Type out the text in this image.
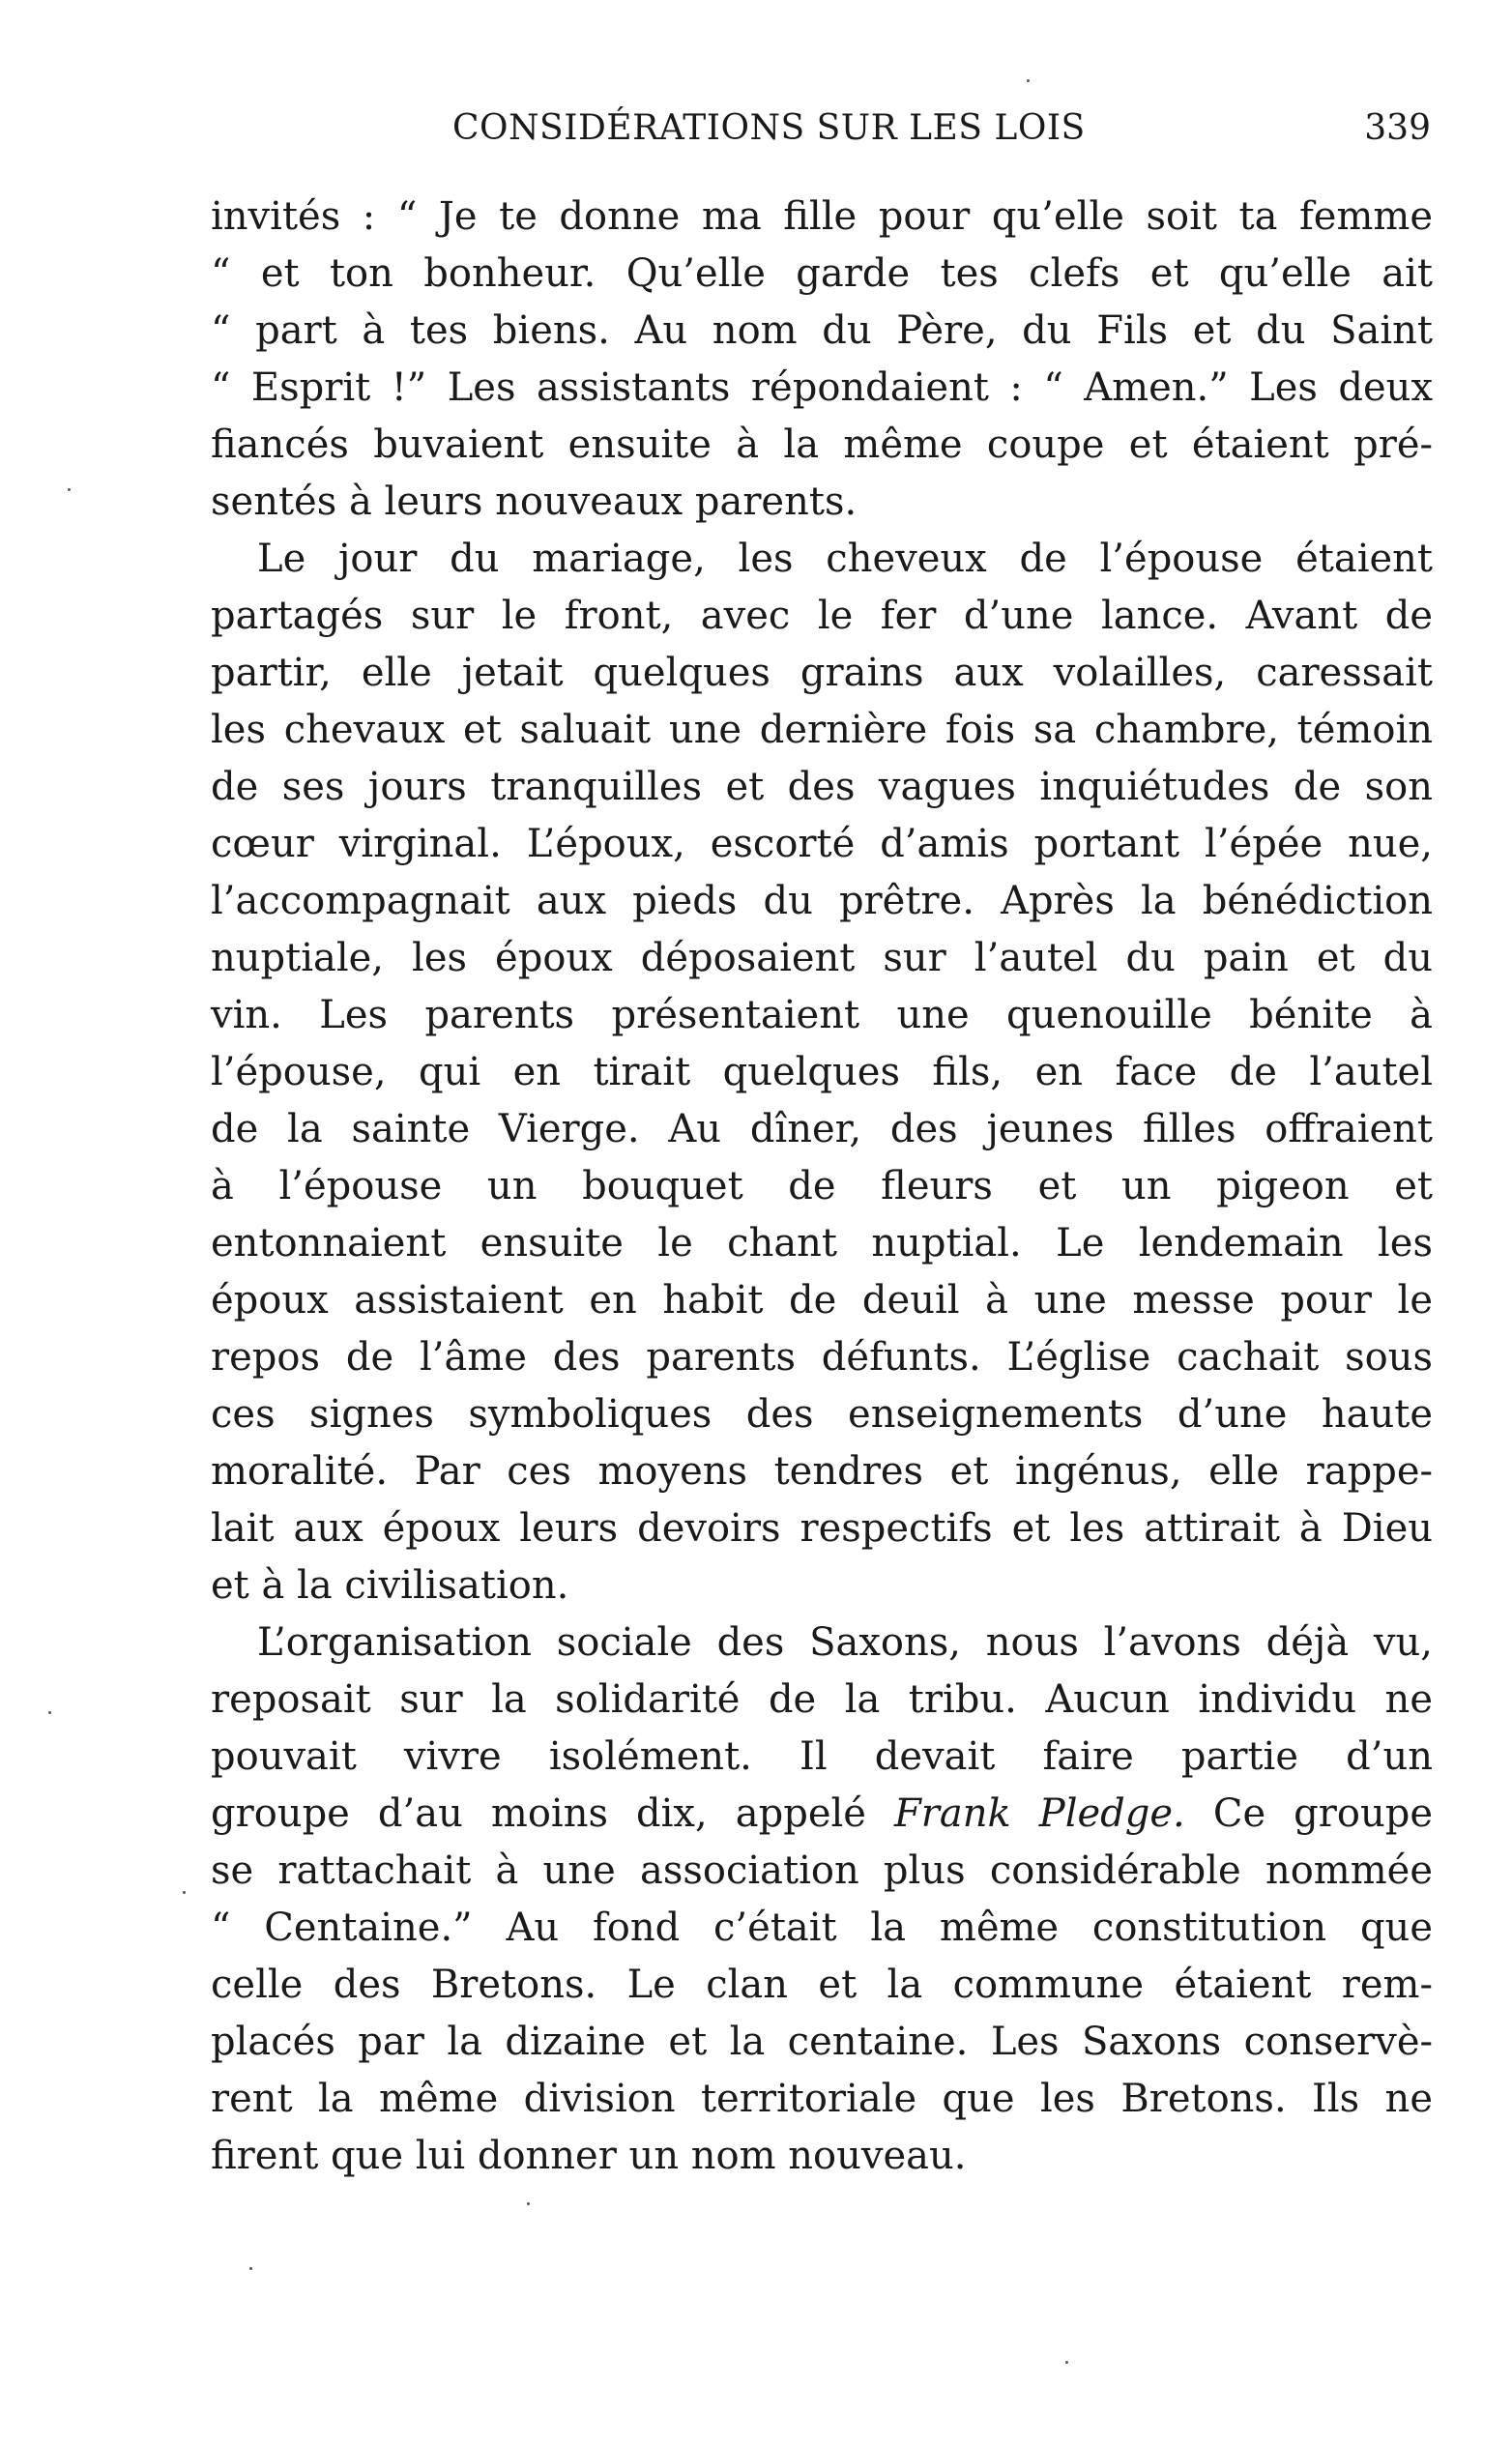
CONSIDÉRATIONS SUR LES LOIS	339
invités : “ Je te donne ma fille pour qu’elle soit ta femme
“ et ton bonheur. Qu’elle garde tes clefs et qu’elle ait
“ part à tes biens. Au nom du Père, du Fils et du Saint
“ Esprit !” Les assistants répondaient : “ Amen.” Les deux
fiancés buvaient ensuite à la même coupe et étaient pré-
sentés à leurs nouveaux parents.
Le jour du mariage, les cheveux de l’épouse étaient
partagés sur le front, avec le fer d’une lance. Avant de
partir, elle jetait quelques grains aux volailles, caressait
les chevaux et saluait une dernière fois sa chambre, témoin
de ses jours tranquilles et des vagues inquiétudes de son
cœur virginal. L’époux, escorté d’amis portant l’épée nue,
l’accompagnait aux pieds du prêtre. Après la bénédiction
nuptiale, les époux déposaient sur l’autel du pain et du
vin. Les parents présentaient une quenouille bénite à
l’épouse, qui en tirait quelques fils, en face de l’autel
de la sainte Vierge. Au dîner, des jeunes filles offraient
à l’épouse un bouquet de fleurs et un pigeon et
entonnaient ensuite le chant nuptial. Le lendemain les
époux assistaient en habit de deuil à une messe pour le
repos de l’âme des parents défunts. L’église cachait sous
ces signes symboliques des enseignements d’une haute
moralité. Par ces moyens tendres et ingénus, elle rappe-
lait aux époux leurs devoirs respectifs et les attirait à Dieu
et à la civilisation.
L’organisation sociale des Saxons, nous l’avons déjà vu,
reposait sur la solidarité de la tribu. Aucun individu ne
pouvait vivre isolément. Il devait faire partie d’un
groupe d’au moins dix, appelé Frank Pledge. Ce groupe
se rattachait à une association plus considérable nommée
“ Centaine.” Au fond c’était la même constitution que
celle des Bretons. Le clan et la commune étaient rem-
placés par la dizaine et la centaine. Les Saxons conservè-
rent la même division territoriale que les Bretons. Ils ne
firent que lui donner un nom nouveau.
